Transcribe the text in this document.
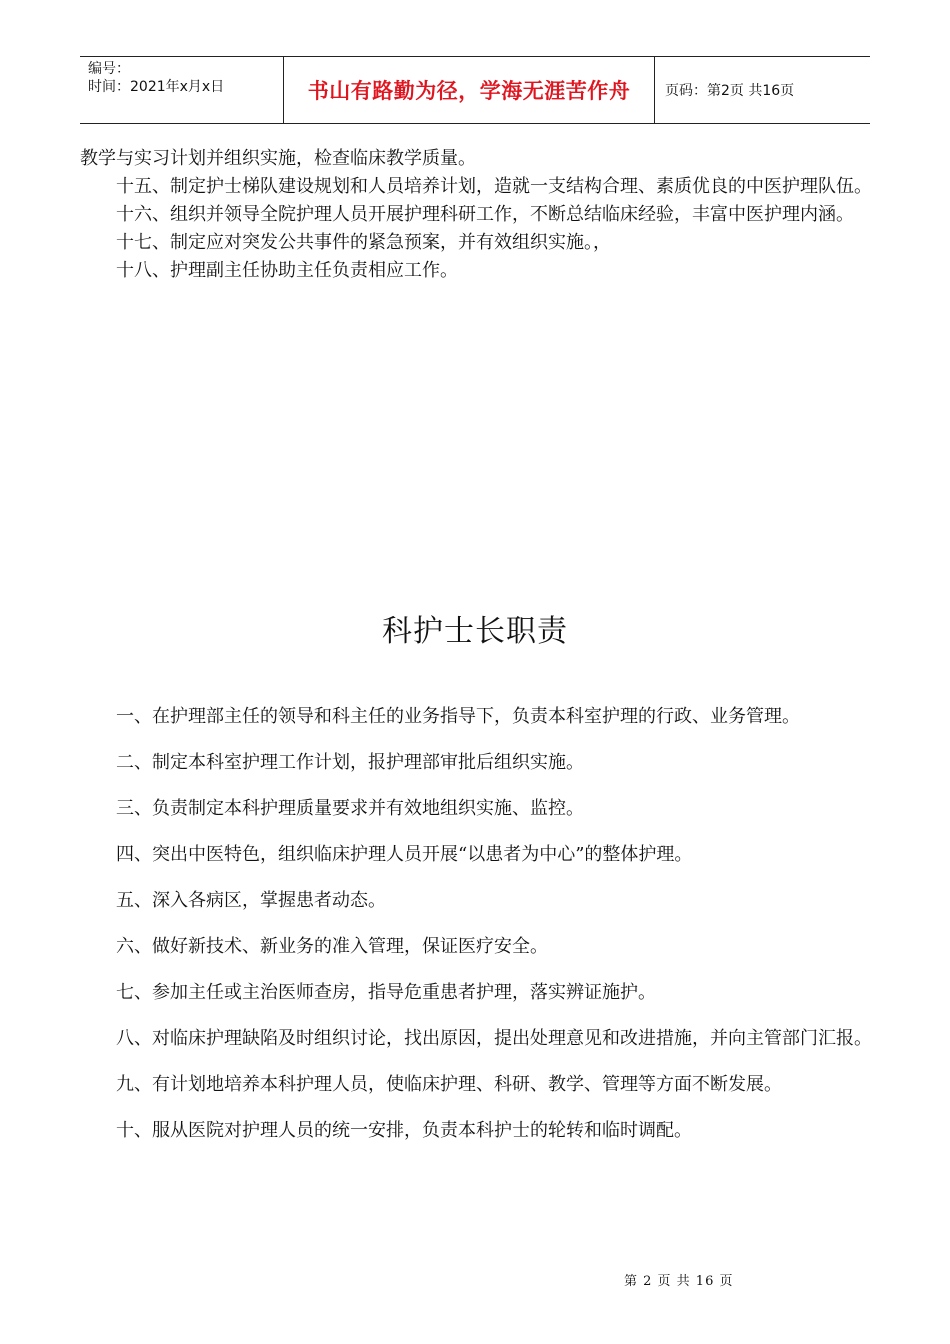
编号：
时间：2021年x月x日	书山有路勤为径，学海无涯苦作舟	页码：第2页 共16页

教学与实习计划并组织实施，检查临床教学质量。

十五、制定护士梯队建设规划和人员培养计划，造就一支结构合理、素质优良的中医护理队伍。

十六、组织并领导全院护理人员开展护理科研工作，不断总结临床经验，丰富中医护理内涵。

十七、制定应对突发公共事件的紧急预案，并有效组织实施。，

十八、护理副主任协助主任负责相应工作。

科护士长职责

一、在护理部主任的领导和科主任的业务指导下，负责本科室护理的行政、业务管理。

二、制定本科室护理工作计划，报护理部审批后组织实施。

三、负责制定本科护理质量要求并有效地组织实施、监控。

四、突出中医特色，组织临床护理人员开展“以患者为中心”的整体护理。

五、深入各病区，掌握患者动态。

六、做好新技术、新业务的准入管理，保证医疗安全。

七、参加主任或主治医师查房，指导危重患者护理，落实辨证施护。

八、对临床护理缺陷及时组织讨论，找出原因，提出处理意见和改进措施，并向主管部门汇报。

九、有计划地培养本科护理人员，使临床护理、科研、教学、管理等方面不断发展。

十、服从医院对护理人员的统一安排，负责本科护士的轮转和临时调配。

第 2 页 共 16 页
